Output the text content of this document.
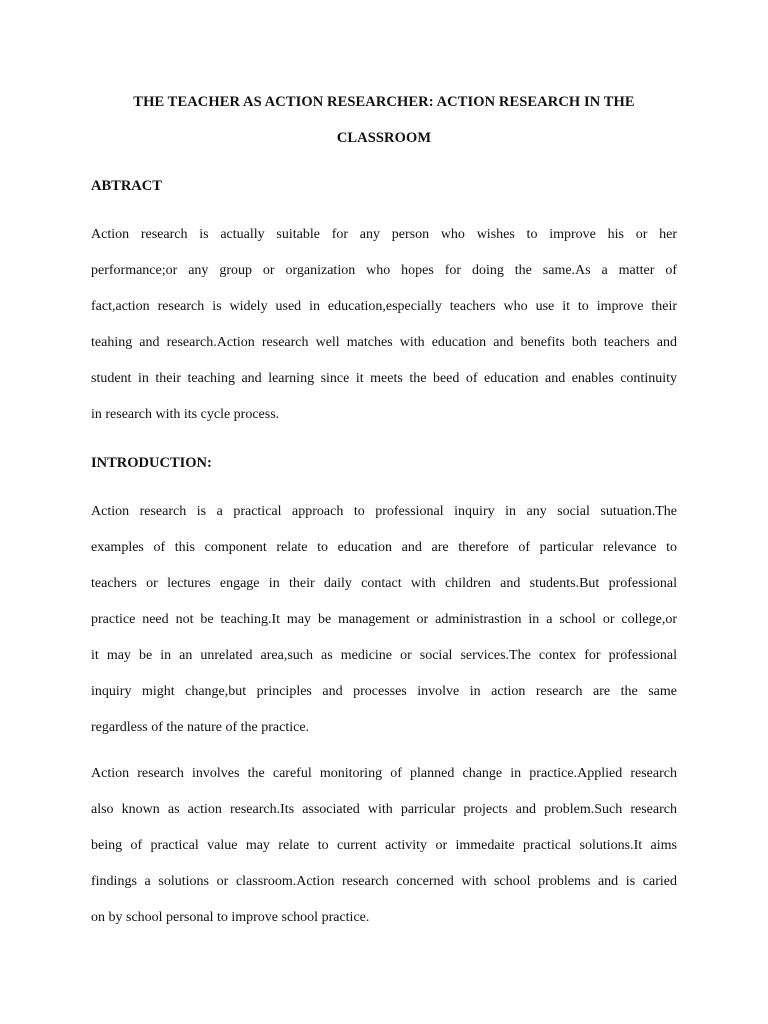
THE TEACHER AS ACTION RESEARCHER: ACTION RESEARCH IN THE
CLASSROOM
ABTRACT
Action research is actually suitable for any person who wishes to improve his or her
performance;or any group or organization who hopes for doing the same.As a matter of
fact,action research is widely used in education,especially teachers who use it to improve their
teahing and research.Action research well matches with education and benefits both teachers and
student in their teaching and learning since it meets the beed of education and enables continuity
in research with its cycle process.
INTRODUCTION:
Action research is a practical approach to professional inquiry in any social sutuation.The
examples of this component relate to education and are therefore of particular relevance to
teachers or lectures engage in their daily contact with children and students.But professional
practice need not be teaching.It may be management or administrastion in a school or college,or
it may be in an unrelated area,such as medicine or social services.The contex for professional
inquiry might change,but principles and processes involve in action research are the same
regardless of the nature of the practice.
Action research involves the careful monitoring of planned change in practice.Applied research
also known as action research.Its associated with parricular projects and problem.Such research
being of practical value may relate to current activity or immedaite practical solutions.It aims
findings a solutions or classroom.Action research concerned with school problems and is caried
on by school personal to improve school practice.
